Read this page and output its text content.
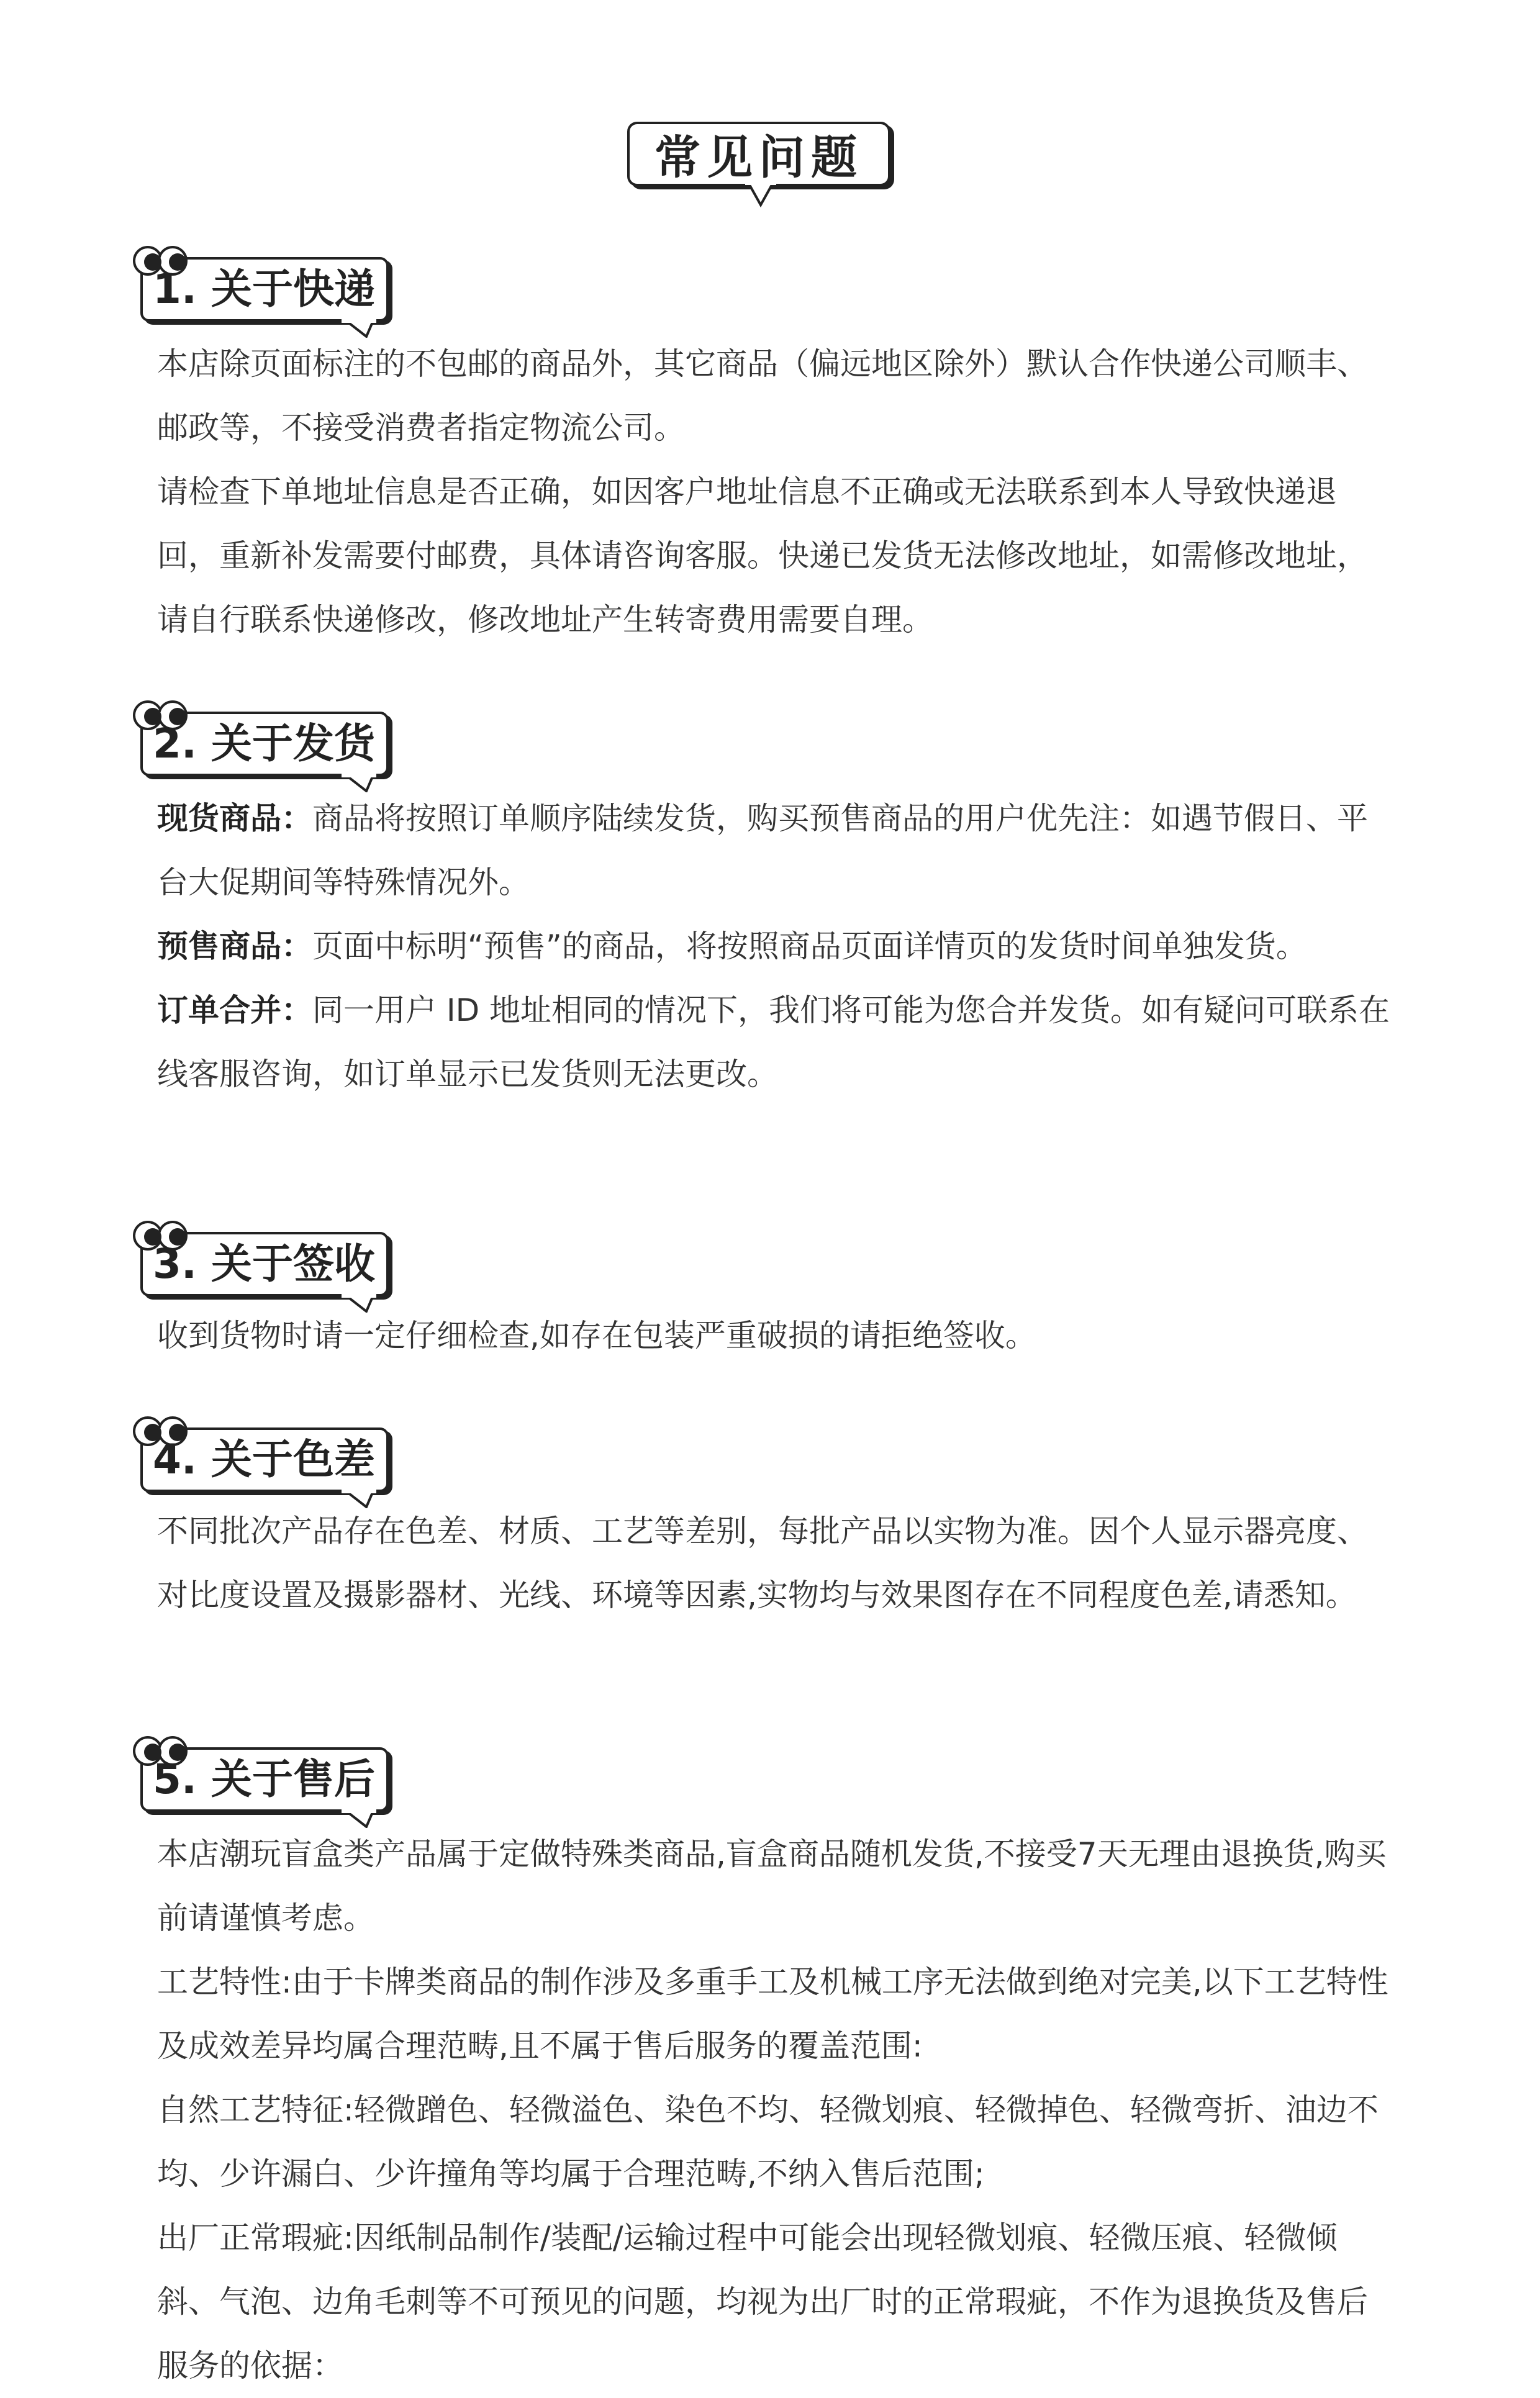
常见问题
1. 关于快递

本店除页面标注的不包邮的商品外，其它商品（偏远地区除外）默认合作快递公司顺丰、邮政等，不接受消费者指定物流公司。

请检查下单地址信息是否正确，如因客户地址信息不正确或无法联系到本人导致快递退回，重新补发需要付邮费，具体请咨询客服。快递已发货无法修改地址，如需修改地址，请自行联系快递修改，修改地址产生转寄费用需要自理。

2. 关于发货

现货商品：商品将按照订单顺序陆续发货，购买预售商品的用户优先注：如遇节假日、平台大促期间等特殊情况外。

预售商品：页面中标明“预售”的商品，将按照商品页面详情页的发货时间单独发货。

订单合并：同一用户 ID 地址相同的情况下，我们将可能为您合并发货。如有疑问可联系在线客服咨询，如订单显示已发货则无法更改。

3. 关于签收

收到货物时请一定仔细检查,如存在包装严重破损的请拒绝签收。

4. 关于色差

不同批次产品存在色差、材质、工艺等差别，每批产品以实物为准。因个人显示器亮度、对比度设置及摄影器材、光线、环境等因素,实物均与效果图存在不同程度色差,请悉知。

5. 关于售后

本店潮玩盲盒类产品属于定做特殊类商品,盲盒商品随机发货,不接受7天无理由退换货,购买前请谨慎考虑。

工艺特性:由于卡牌类商品的制作涉及多重手工及机械工序无法做到绝对完美,以下工艺特性及成效差异均属合理范畴,且不属于售后服务的覆盖范围:

自然工艺特征:轻微蹭色、轻微溢色、染色不均、轻微划痕、轻微掉色、轻微弯折、油边不均、少许漏白、少许撞角等均属于合理范畴,不纳入售后范围;

出厂正常瑕疵:因纸制品制作/装配/运输过程中可能会出现轻微划痕、轻微压痕、轻微倾斜、气泡、边角毛刺等不可预见的问题，均视为出厂时的正常瑕疵，不作为退换货及售后 服务的依据：
